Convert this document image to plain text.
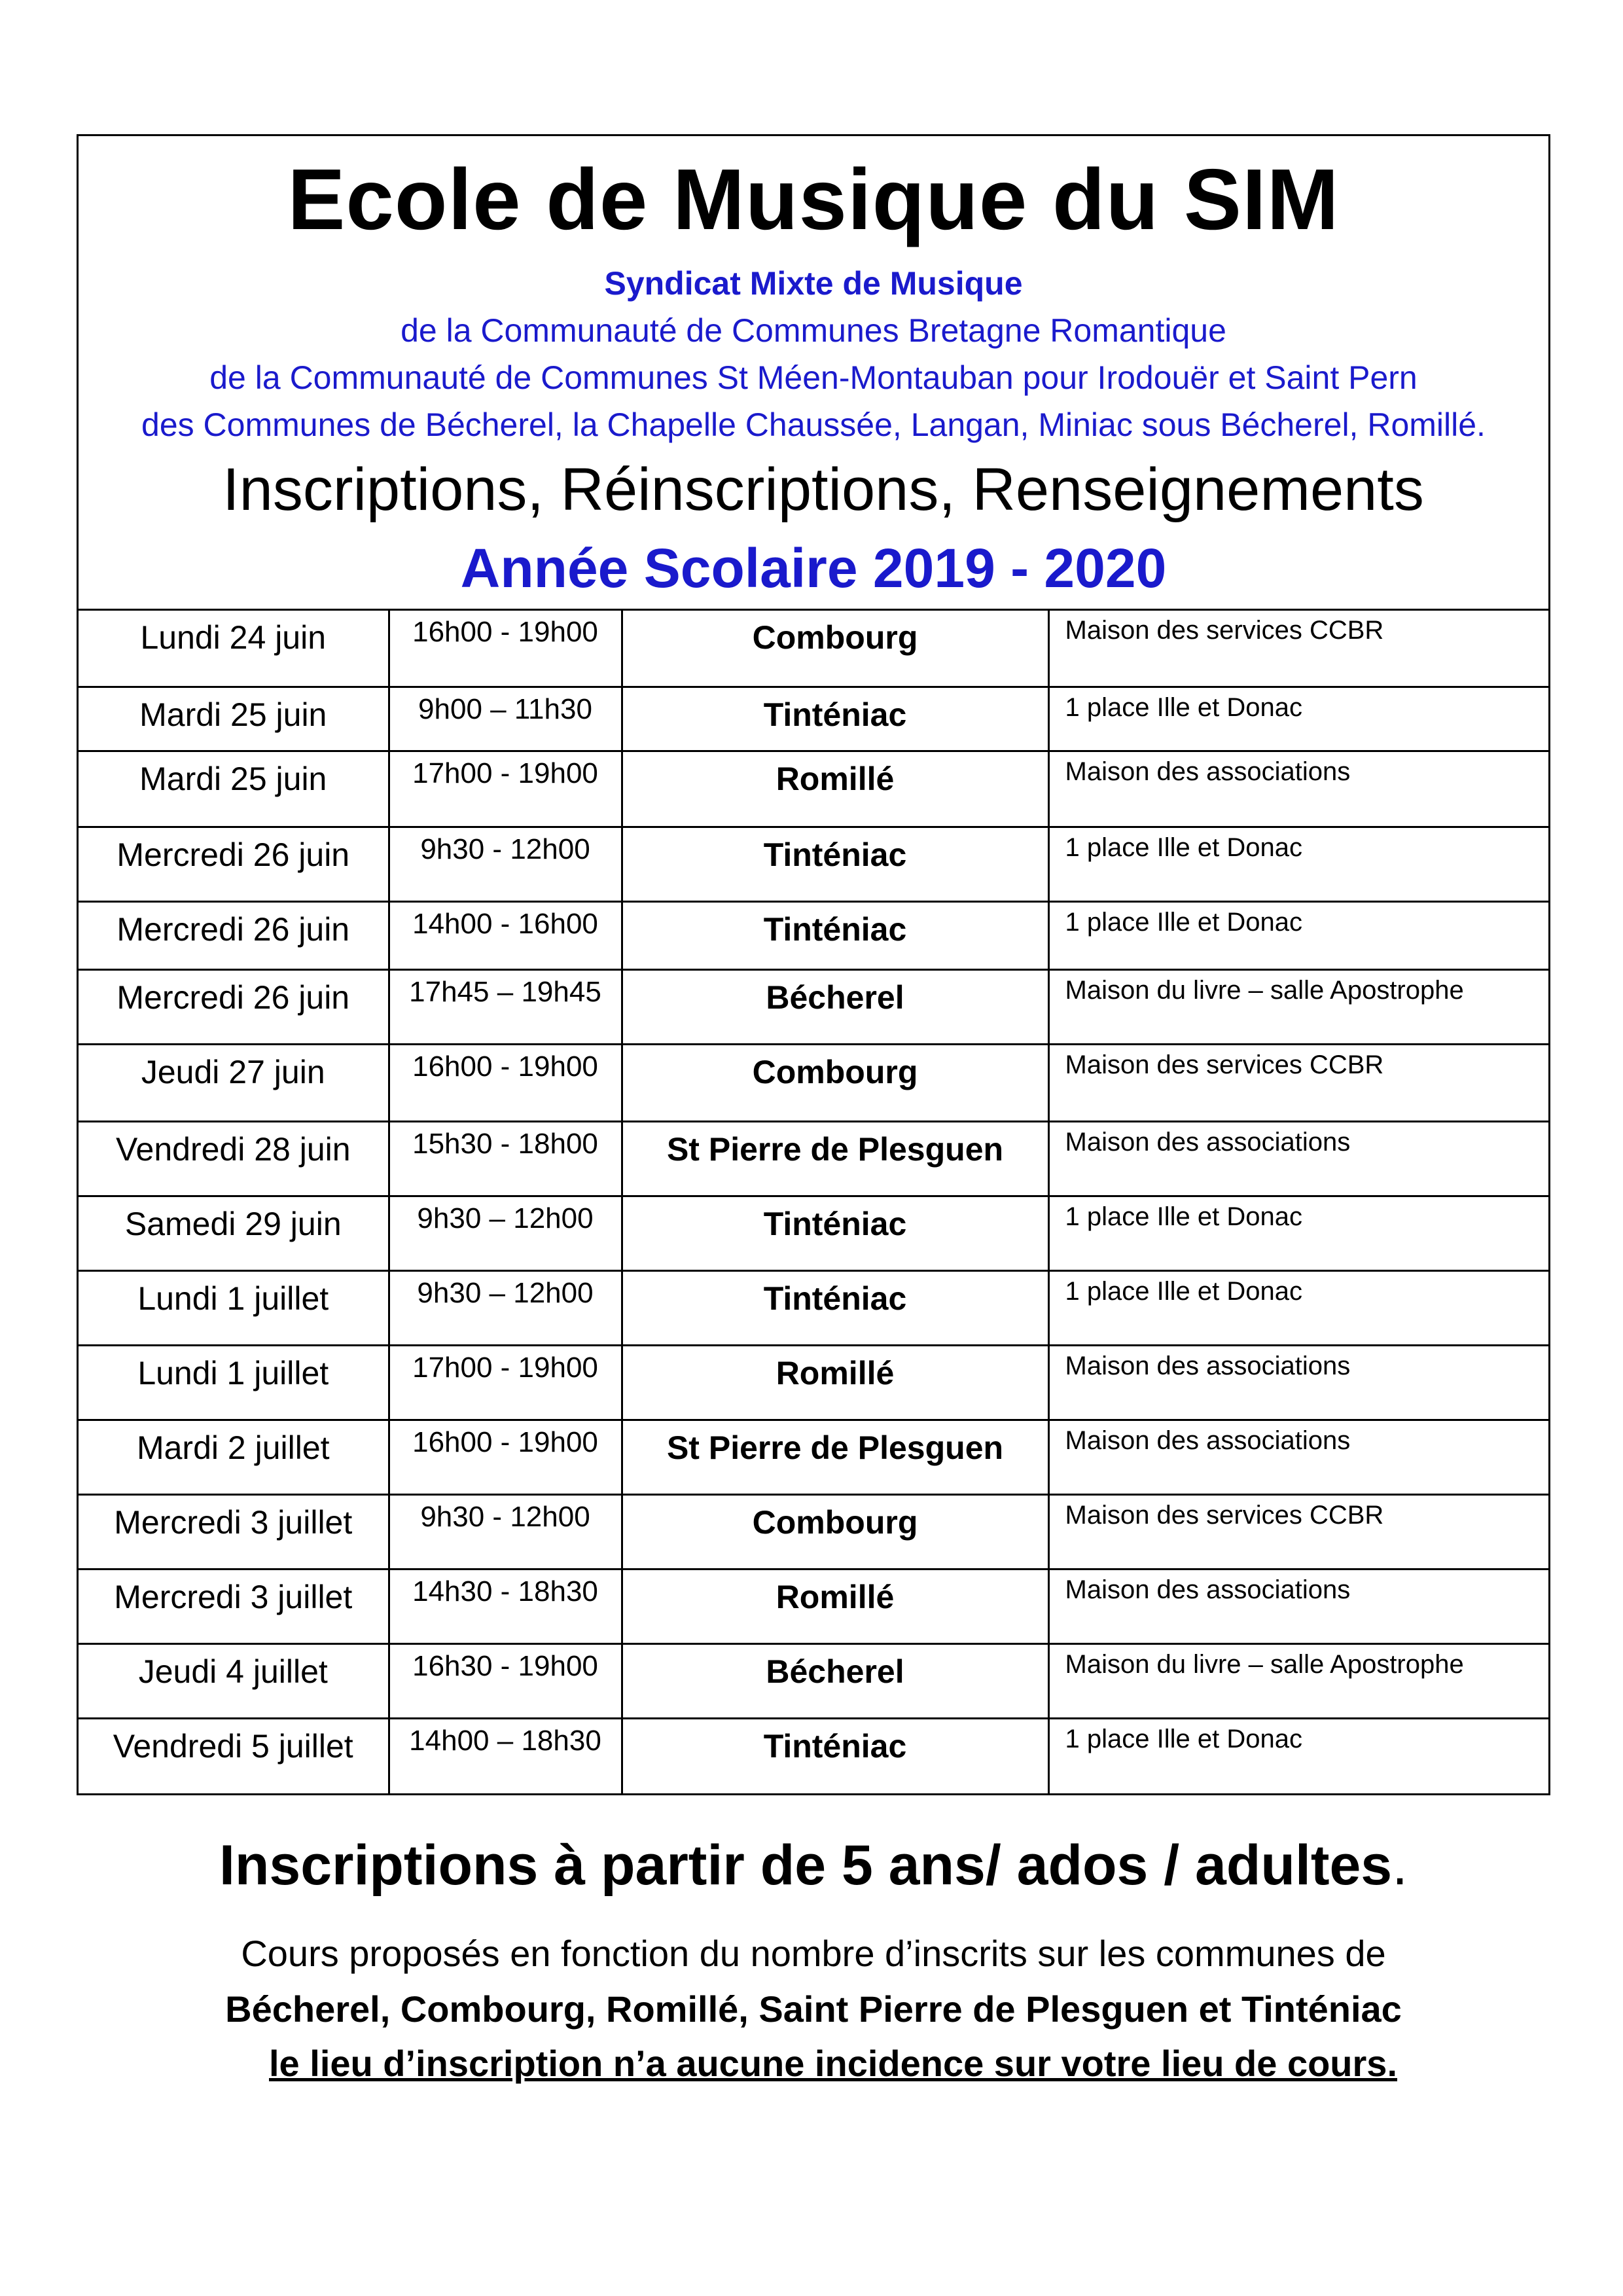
Ecole de Musique du SIM
Syndicat Mixte de Musique
de la Communauté de Communes Bretagne Romantique
de la Communauté de Communes St Méen-Montauban pour Irodouër et Saint Pern
des Communes de Bécherel, la Chapelle Chaussée, Langan, Miniac sous Bécherel, Romillé.
Inscriptions, Réinscriptions, Renseignements
Année Scolaire 2019 - 2020
Lundi 24 juin	16h00 - 19h00	Combourg	Maison des services CCBR
Mardi 25 juin	9h00 – 11h30	Tinténiac	1 place Ille et Donac
Mardi 25 juin	17h00 - 19h00	Romillé	Maison des associations
Mercredi 26 juin	9h30 - 12h00	Tinténiac	1 place Ille et Donac
Mercredi 26 juin	14h00 - 16h00	Tinténiac	1 place Ille et Donac
Mercredi 26 juin	17h45 – 19h45	Bécherel	Maison du livre – salle Apostrophe
Jeudi 27 juin	16h00 - 19h00	Combourg	Maison des services CCBR
Vendredi 28 juin	15h30 - 18h00	St Pierre de Plesguen	Maison des associations
Samedi 29 juin	9h30 – 12h00	Tinténiac	1 place Ille et Donac
Lundi 1 juillet	9h30 – 12h00	Tinténiac	1 place Ille et Donac
Lundi 1 juillet	17h00 - 19h00	Romillé	Maison des associations
Mardi 2 juillet	16h00 - 19h00	St Pierre de Plesguen	Maison des associations
Mercredi 3 juillet	9h30 - 12h00	Combourg	Maison des services CCBR
Mercredi 3 juillet	14h30 - 18h30	Romillé	Maison des associations
Jeudi 4 juillet	16h30 - 19h00	Bécherel	Maison du livre – salle Apostrophe
Vendredi 5 juillet	14h00 – 18h30	Tinténiac	1 place Ille et Donac
Inscriptions à partir de 5 ans/ ados / adultes.
Cours proposés en fonction du nombre d’inscrits sur les communes de
Bécherel, Combourg, Romillé, Saint Pierre de Plesguen et Tinténiac
le lieu d’inscription n’a aucune incidence sur votre lieu de cours.
